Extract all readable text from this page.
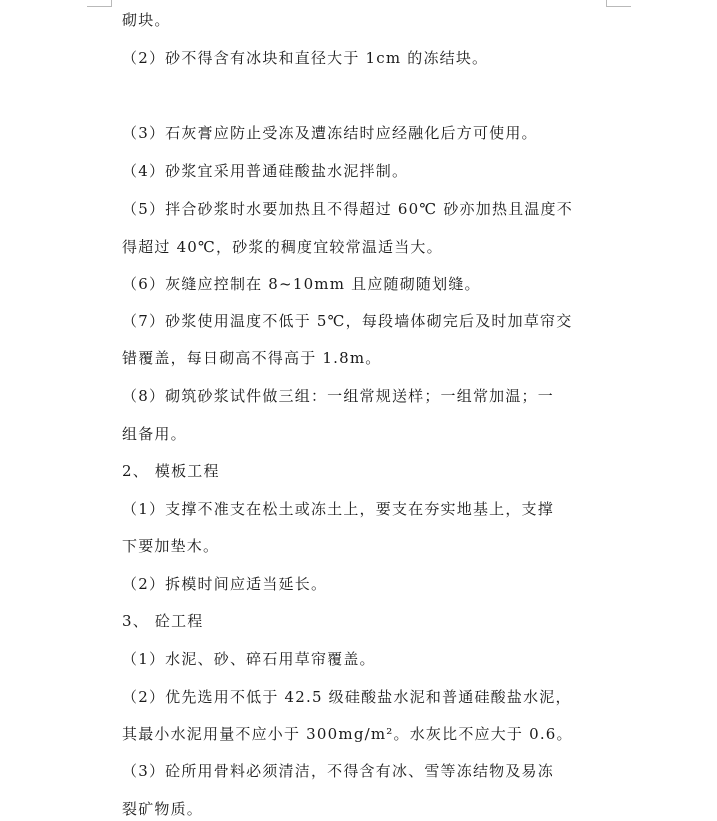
砌块。
（2）砂不得含有冰块和直径大于 1cm 的冻结块。
（3）石灰膏应防止受冻及遭冻结时应经融化后方可使用。
（4）砂浆宜采用普通硅酸盐水泥拌制。
（5）拌合砂浆时水要加热且不得超过 60℃ 砂亦加热且温度不
得超过 40℃，砂浆的稠度宜较常温适当大。
（6）灰缝应控制在 8~10mm 且应随砌随划缝。
（7）砂浆使用温度不低于 5℃，每段墙体砌完后及时加草帘交
错覆盖，每日砌高不得高于 1.8m。
（8）砌筑砂浆试件做三组：一组常规送样；一组常加温；一
组备用。
2、 模板工程
（1）支撑不准支在松土或冻土上，要支在夯实地基上，支撑
下要加垫木。
（2）拆模时间应适当延长。
3、 砼工程
（1）水泥、砂、碎石用草帘覆盖。
（2）优先选用不低于 42.5 级硅酸盐水泥和普通硅酸盐水泥，
其最小水泥用量不应小于 300mg/m²。水灰比不应大于 0.6。
（3）砼所用骨料必须清洁，不得含有冰、雪等冻结物及易冻
裂矿物质。
